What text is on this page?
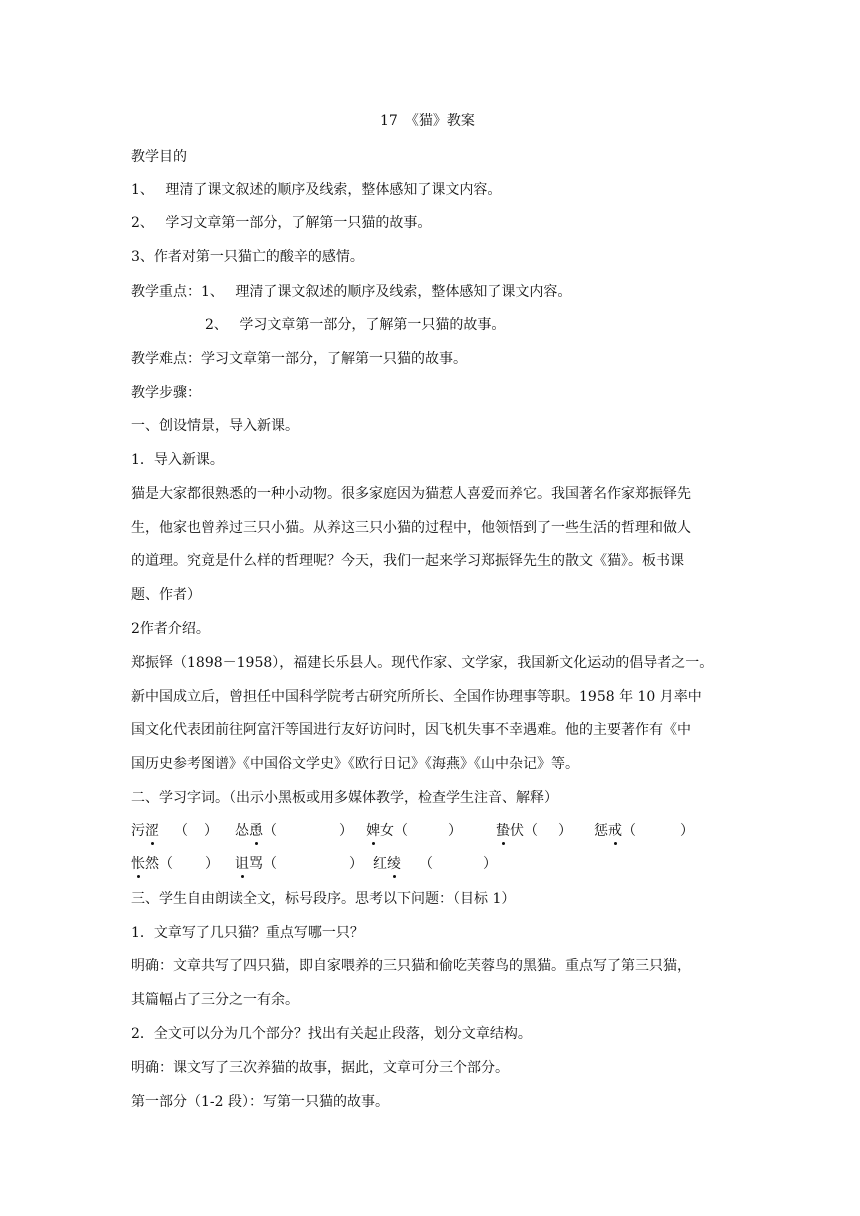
17　《猫》教案
教学目的
1、　 理清了课文叙述的顺序及线索，整体感知了课文内容。
2、　 学习文章第一部分，了解第一只猫的故事。
3、作者对第一只猫亡的酸辛的感情。
教学重点：1、　 理清了课文叙述的顺序及线索，整体感知了课文内容。
2、　 学习文章第一部分，了解第一只猫的故事。
教学难点：学习文章第一部分，了解第一只猫的故事。
教学步骤：
一、创设情景，导入新课。
1．导入新课。
猫是大家都很熟悉的一种小动物。很多家庭因为猫惹人喜爱而养它。我国著名作家郑振铎先
生，他家也曾养过三只小猫。从养这三只小猫的过程中，他领悟到了一些生活的哲理和做人
的道理。究竟是什么样的哲理呢？今天，我们一起来学习郑振铎先生的散文《猫》。板书课
题、作者）
2作者介绍。
郑振铎（1898－1958），福建长乐县人。现代作家、文学家，我国新文化运动的倡导者之一。
新中国成立后，曾担任中国科学院考古研究所所长、全国作协理事等职。1958 年 10 月率中
国文化代表团前往阿富汗等国进行友好访问时，因飞机失事不幸遇难。他的主要著作有《中
国历史参考图谱》《中国俗文学史》《欧行日记》《海燕》《山中杂记》等。
二、学习字词。（出示小黑板或用多媒体教学，检查学生注音、解释）
污涩 （ ） 怂恿（	） 婢女（	） 蛰伏（ ） 惩戒（	）
怅然（ ） 诅骂（	） 红绫 （	）
三、学生自由朗读全文，标号段序。思考以下问题：（目标 1）
1．文章写了几只猫？重点写哪一只？
明确：文章共写了四只猫，即自家喂养的三只猫和偷吃芙蓉鸟的黑猫。重点写了第三只猫，
其篇幅占了三分之一有余。
2．全文可以分为几个部分？找出有关起止段落，划分文章结构。
明确：课文写了三次养猫的故事，据此，文章可分三个部分。
第一部分（1-2 段）：写第一只猫的故事。
